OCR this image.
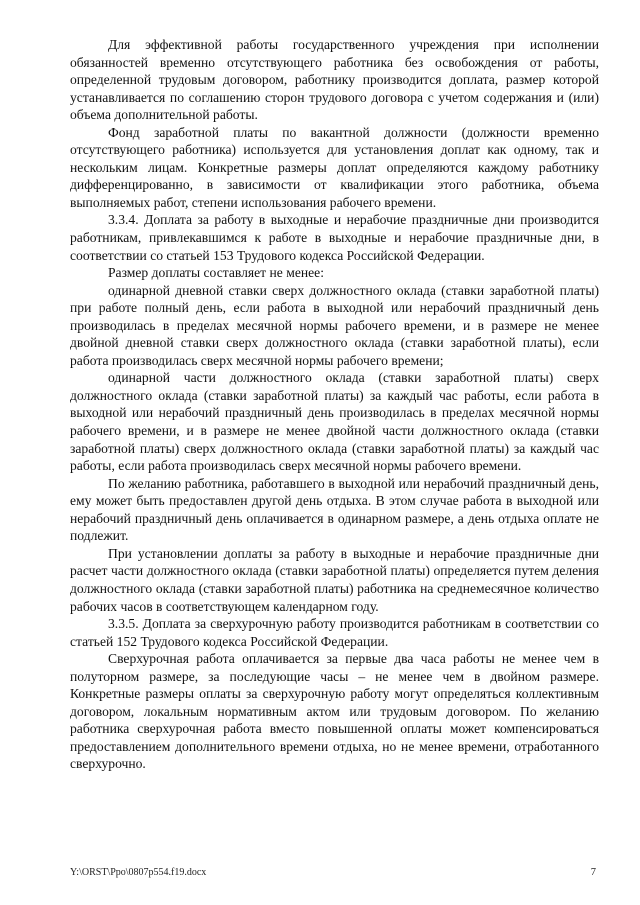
Для эффективной работы государственного учреждения при исполнении обязанностей временно отсутствующего работника без освобождения от работы, определенной трудовым договором, работнику производится доплата, размер которой устанавливается по соглашению сторон трудового договора с учетом содержания и (или) объема дополнительной работы.

Фонд заработной платы по вакантной должности (должности временно отсутствующего работника) используется для установления доплат как одному, так и нескольким лицам. Конкретные размеры доплат определяются каждому работнику дифференцированно, в зависимости от квалификации этого работника, объема выполняемых работ, степени использования рабочего времени.

3.3.4. Доплата за работу в выходные и нерабочие праздничные дни производится работникам, привлекавшимся к работе в выходные и нерабочие праздничные дни, в соответствии со статьей 153 Трудового кодекса Российской Федерации.

Размер доплаты составляет не менее:

одинарной дневной ставки сверх должностного оклада (ставки заработной платы) при работе полный день, если работа в выходной или нерабочий праздничный день производилась в пределах месячной нормы рабочего времени, и в размере не менее двойной дневной ставки сверх должностного оклада (ставки заработной платы), если работа производилась сверх месячной нормы рабочего времени;

одинарной части должностного оклада (ставки заработной платы) сверх должностного оклада (ставки заработной платы) за каждый час работы, если работа в выходной или нерабочий праздничный день производилась в пределах месячной нормы рабочего времени, и в размере не менее двойной части должностного оклада (ставки заработной платы) сверх должностного оклада (ставки заработной платы) за каждый час работы, если работа производилась сверх месячной нормы рабочего времени.

По желанию работника, работавшего в выходной или нерабочий праздничный день, ему может быть предоставлен другой день отдыха. В этом случае работа в выходной или нерабочий праздничный день оплачивается в одинарном размере, а день отдыха оплате не подлежит.

При установлении доплаты за работу в выходные и нерабочие праздничные дни расчет части должностного оклада (ставки заработной платы) определяется путем деления должностного оклада (ставки заработной платы) работника на среднемесячное количество рабочих часов в соответствующем календарном году.

3.3.5. Доплата за сверхурочную работу производится работникам в соответствии со статьей 152 Трудового кодекса Российской Федерации.

Сверхурочная работа оплачивается за первые два часа работы не менее чем в полуторном размере, за последующие часы – не менее чем в двойном размере. Конкретные размеры оплаты за сверхурочную работу могут определяться коллективным договором, локальным нормативным актом или трудовым договором. По желанию работника сверхурочная работа вместо повышенной оплаты может компенсироваться предоставлением дополнительного времени отдыха, но не менее времени, отработанного сверхурочно.

Y:\ORST\Ppo\0807p554.f19.docx	7
